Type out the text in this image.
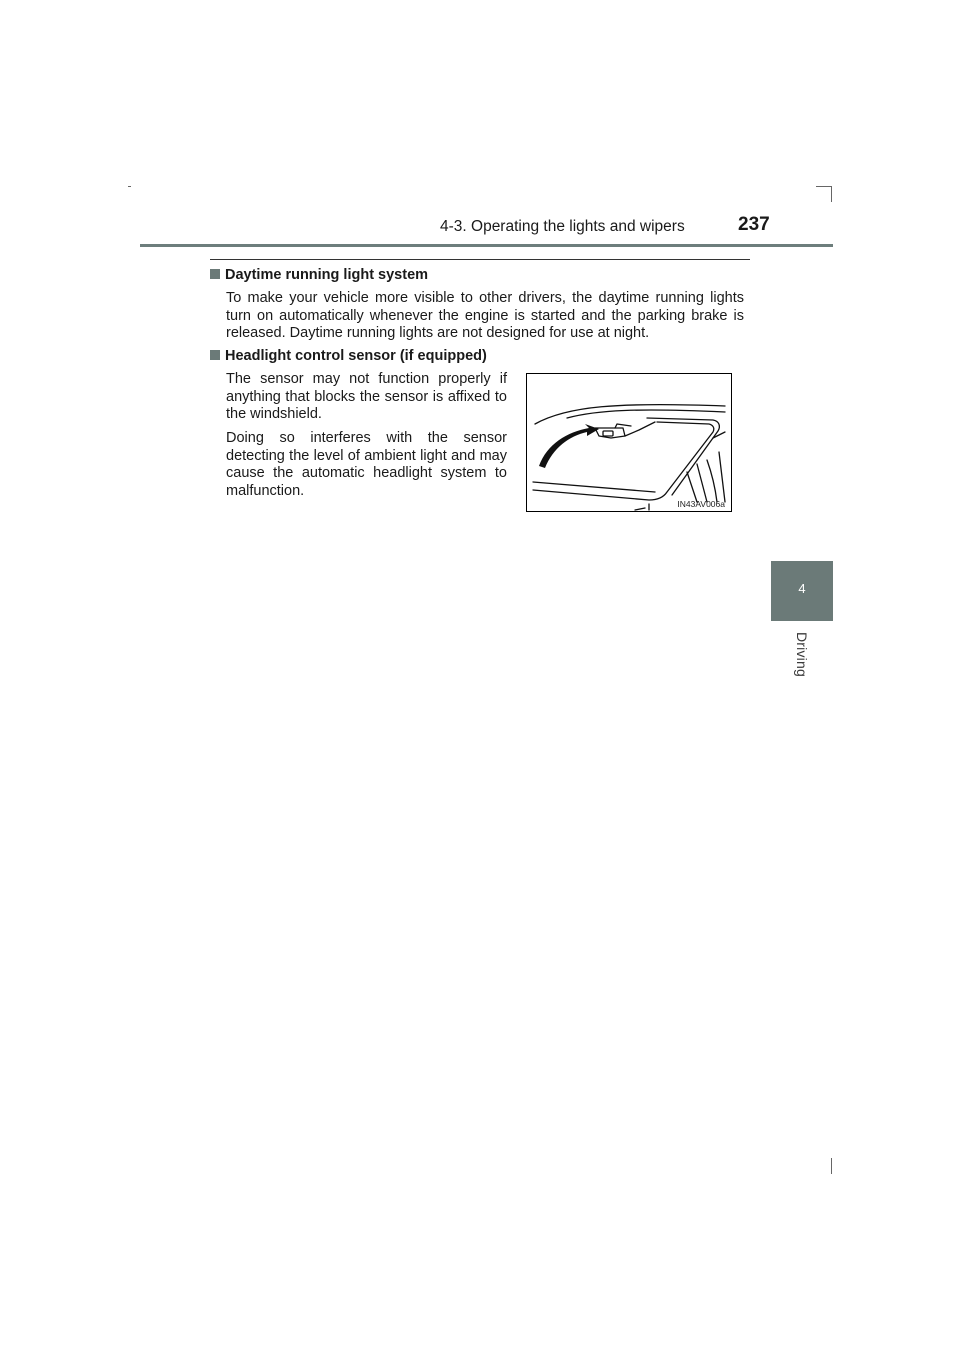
4-3. Operating the lights and wipers	237
4
Driving
Daytime running light system

To make your vehicle more visible to other drivers, the daytime running lights turn on automatically whenever the engine is started and the parking brake is released. Daytime running lights are not designed for use at night.

Headlight control sensor (if equipped)

The sensor may not function properly if anything that blocks the sensor is affixed to the windshield.

Doing so interferes with the sensor detecting the level of ambient light and may cause the automatic headlight system to malfunction.

IN43AV006a
